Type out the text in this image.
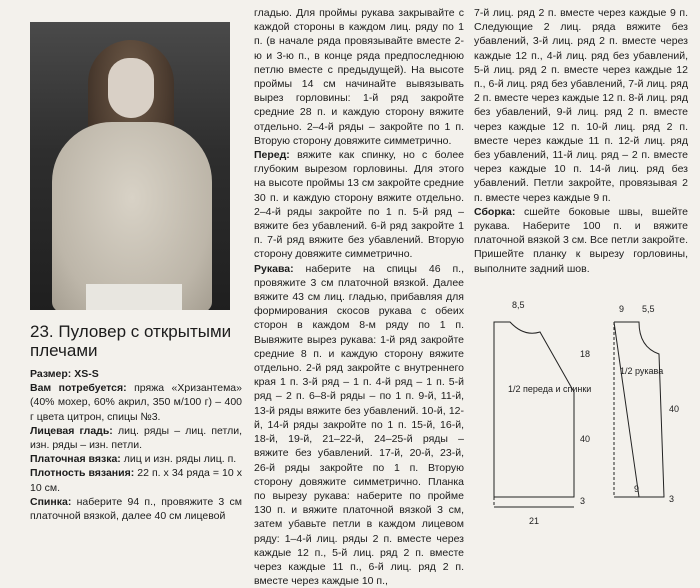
23. Пуловер с открытыми плечами

Размер: XS-S

Вам потребуется: пряжа «Хризантема» (40% мохер, 60% акрил, 350 м/100 г) – 400 г цвета цитрон, спицы №3.

Лицевая гладь: лиц. ряды – лиц. петли, изн. ряды – изн. петли.

Платочная вязка: лиц и изн. ряды лиц. п.

Плотность вязания: 22 п. х 34 ряда = 10 х 10 см.

Спинка: наберите 94 п., провяжите 3 см платочной вязкой, далее 40 см лицевой

гладью. Для проймы рукава закрывайте с каждой стороны в каждом лиц. ряду по 1 п. (в начале ряда провязывайте вместе 2-ю и 3-ю п., в конце ряда предпоследнюю петлю вместе с предыдущей). На высоте проймы 14 см начинайте вывязывать вырез горловины: 1-й ряд закройте средние 28 п. и каждую сторону вяжите отдельно. 2–4-й ряды – закройте по 1 п. Вторую сторону довяжите симметрично.

Перед: вяжите как спинку, но с более глубоким вырезом горловины. Для этого на высоте проймы 13 см закройте средние 30 п. и каждую сторону вяжите отдельно. 2–4-й ряды закройте по 1 п. 5-й ряд – вяжите без убавлений. 6-й ряд закройте 1 п. 7-й ряд вяжите без убавлений. Вторую сторону довяжите симметрично.

Рукава: наберите на спицы 46 п., провяжите 3 см платочной вязкой. Далее вяжите 43 см лиц. гладью, прибавляя для формирования скосов рукава с обеих сторон в каждом 8-м ряду по 1 п. Вывяжите вырез рукава: 1-й ряд закройте средние 8 п. и каждую сторону вяжите отдельно. 2-й ряд закройте с внутреннего края 1 п. 3-й ряд – 1 п. 4-й ряд – 1 п. 5-й ряд – 2 п. 6–8-й ряды – по 1 п. 9-й, 11-й, 13-й ряды вяжите без убавлений. 10-й, 12-й, 14-й ряды закройте по 1 п. 15-й, 16-й, 18-й, 19-й, 21–22-й, 24–25-й ряды – вяжите без убавлений. 17-й, 20-й, 23-й, 26-й ряды закройте по 1 п. Вторую сторону довяжите симметрично. Планка по вырезу рукава: наберите по пройме 130 п. и вяжите платочной вязкой 3 см, затем убавьте петли в каждом лицевом ряду: 1–4-й лиц. ряды 2 п. вместе через каждые 12 п., 5-й лиц. ряд 2 п. вместе через каждые 11 п., 6-й лиц. ряд 2 п. вместе через каждые 10 п.,

7-й лиц. ряд 2 п. вместе через каждые 9 п. Следующие 2 лиц. ряда вяжите без убавлений, 3-й лиц. ряд 2 п. вместе через каждые 12 п., 4-й лиц. ряд без убавлений, 5-й лиц. ряд 2 п. вместе через каждые 12 п., 6-й лиц. ряд без убавлений, 7-й лиц. ряд 2 п. вместе через каждые 12 п. 8-й лиц. ряд без убавлений, 9-й лиц. ряд 2 п. вместе через каждые 12 п. 10-й лиц. ряд 2 п. вместе через каждые 11 п. 12-й лиц. ряд без убавлений, 11-й лиц. ряд – 2 п. вместе через каждые 10 п. 14-й лиц. ряд без убавлений. Петли закройте, провязывая 2 п. вместе через каждые 9 п.

Сборка: сшейте боковые швы, вшейте рукава. Наберите 100 п. и вяжите платочной вязкой 3 см. Все петли закройте. Пришейте планку к вырезу горловины, выполните задний шов.

8,5
18
40
3
21
1/2 переда и спинки
9 5,5
40
3
9
1/2 рукава
